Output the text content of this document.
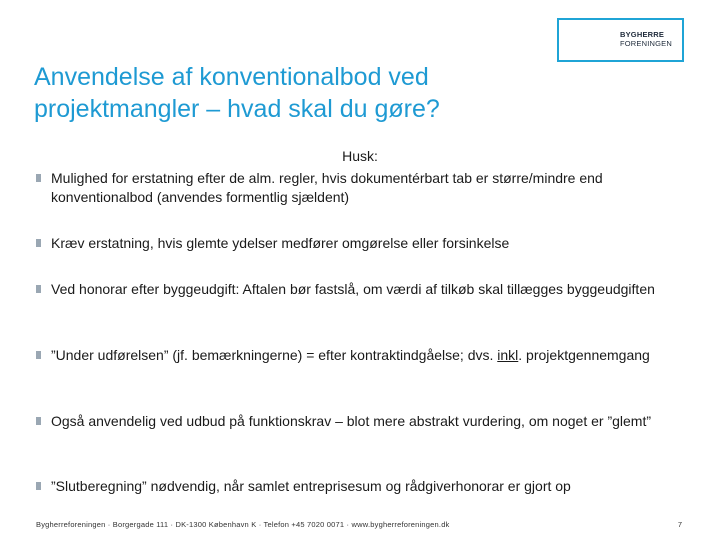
BYGHERRE
FORENINGEN
Anvendelse af konventionalbod ved projektmangler – hvad skal du gøre?
Husk:
Mulighed for erstatning efter de alm. regler, hvis dokumentérbart tab er større/mindre end konventionalbod (anvendes formentlig sjældent)
Kræv erstatning, hvis glemte ydelser medfører omgørelse eller forsinkelse
Ved honorar efter byggeudgift: Aftalen bør fastslå, om værdi af tilkøb skal tillægges byggeudgiften
”Under udførelsen” (jf. bemærkningerne) = efter kontraktindgåelse; dvs. inkl. projektgennemgang
Også anvendelig ved udbud på funktionskrav – blot mere abstrakt vurdering, om noget er ”glemt”
”Slutberegning” nødvendig, når samlet entreprisesum og rådgiverhonorar er gjort op
Bygherreforeningen · Borgergade 111 · DK-1300 København K · Telefon +45 7020 0071 · www.bygherreforeningen.dk	7
